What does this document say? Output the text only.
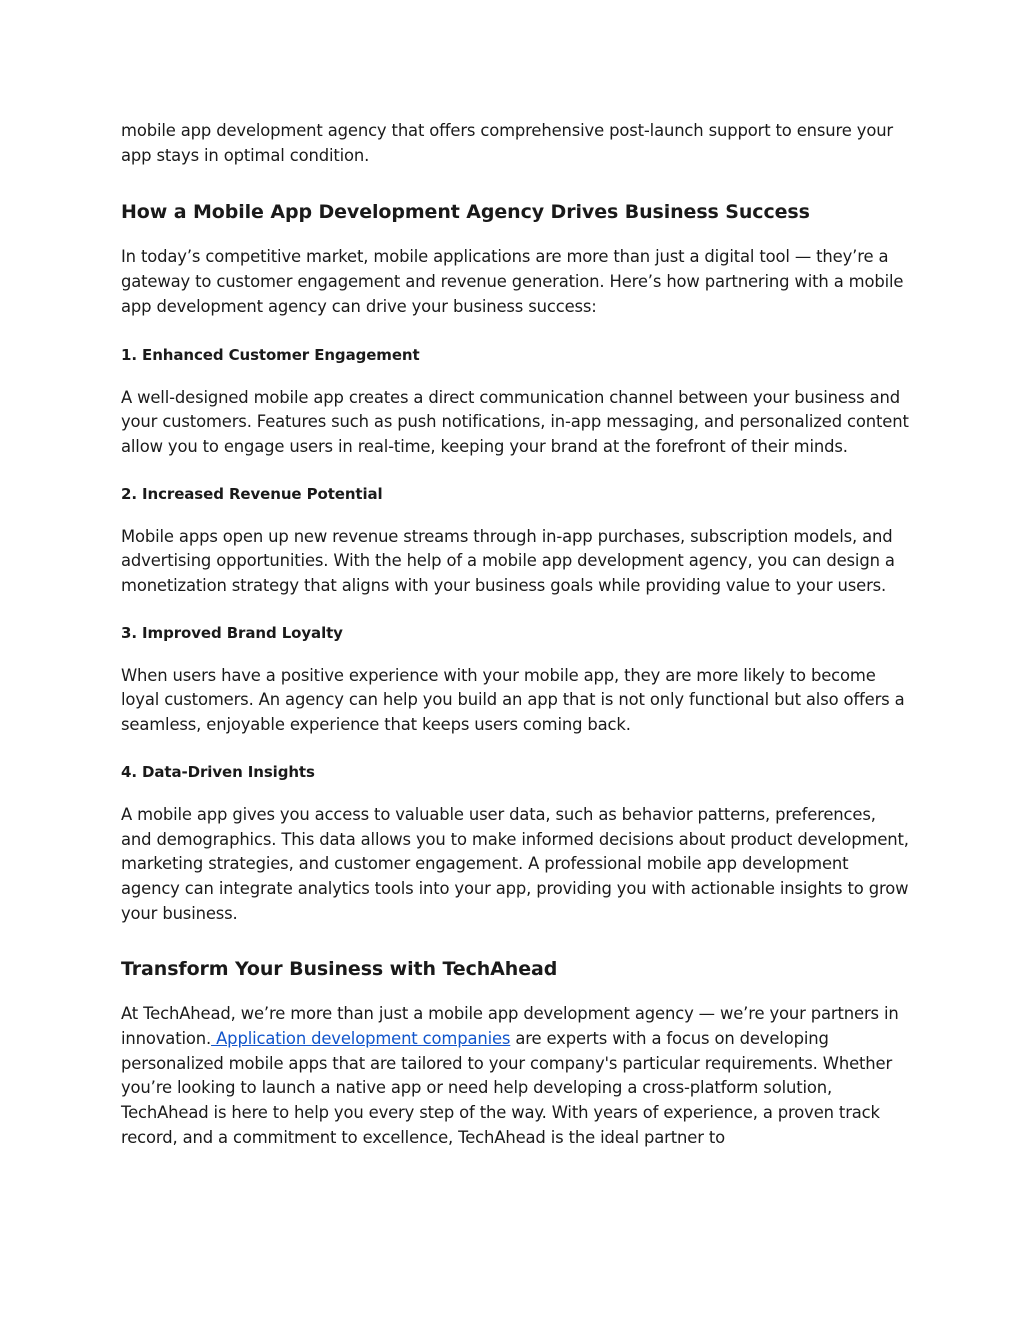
mobile app development agency that offers comprehensive post-launch support to ensure your app stays in optimal condition.

How a Mobile App Development Agency Drives Business Success

In today’s competitive market, mobile applications are more than just a digital tool — they’re a gateway to customer engagement and revenue generation. Here’s how partnering with a mobile app development agency can drive your business success:

1. Enhanced Customer Engagement

A well-designed mobile app creates a direct communication channel between your business and your customers. Features such as push notifications, in-app messaging, and personalized content allow you to engage users in real-time, keeping your brand at the forefront of their minds.

2. Increased Revenue Potential

Mobile apps open up new revenue streams through in-app purchases, subscription models, and advertising opportunities. With the help of a mobile app development agency, you can design a monetization strategy that aligns with your business goals while providing value to your users.

3. Improved Brand Loyalty

When users have a positive experience with your mobile app, they are more likely to become loyal customers. An agency can help you build an app that is not only functional but also offers a seamless, enjoyable experience that keeps users coming back.

4. Data-Driven Insights

A mobile app gives you access to valuable user data, such as behavior patterns, preferences, and demographics. This data allows you to make informed decisions about product development, marketing strategies, and customer engagement. A professional mobile app development agency can integrate analytics tools into your app, providing you with actionable insights to grow your business.

Transform Your Business with TechAhead

At TechAhead, we’re more than just a mobile app development agency — we’re your partners in innovation. Application development companies are experts with a focus on developing personalized mobile apps that are tailored to your company's particular requirements. Whether you’re looking to launch a native app or need help developing a cross-platform solution, TechAhead is here to help you every step of the way. With years of experience, a proven track record, and a commitment to excellence, TechAhead is the ideal partner to
